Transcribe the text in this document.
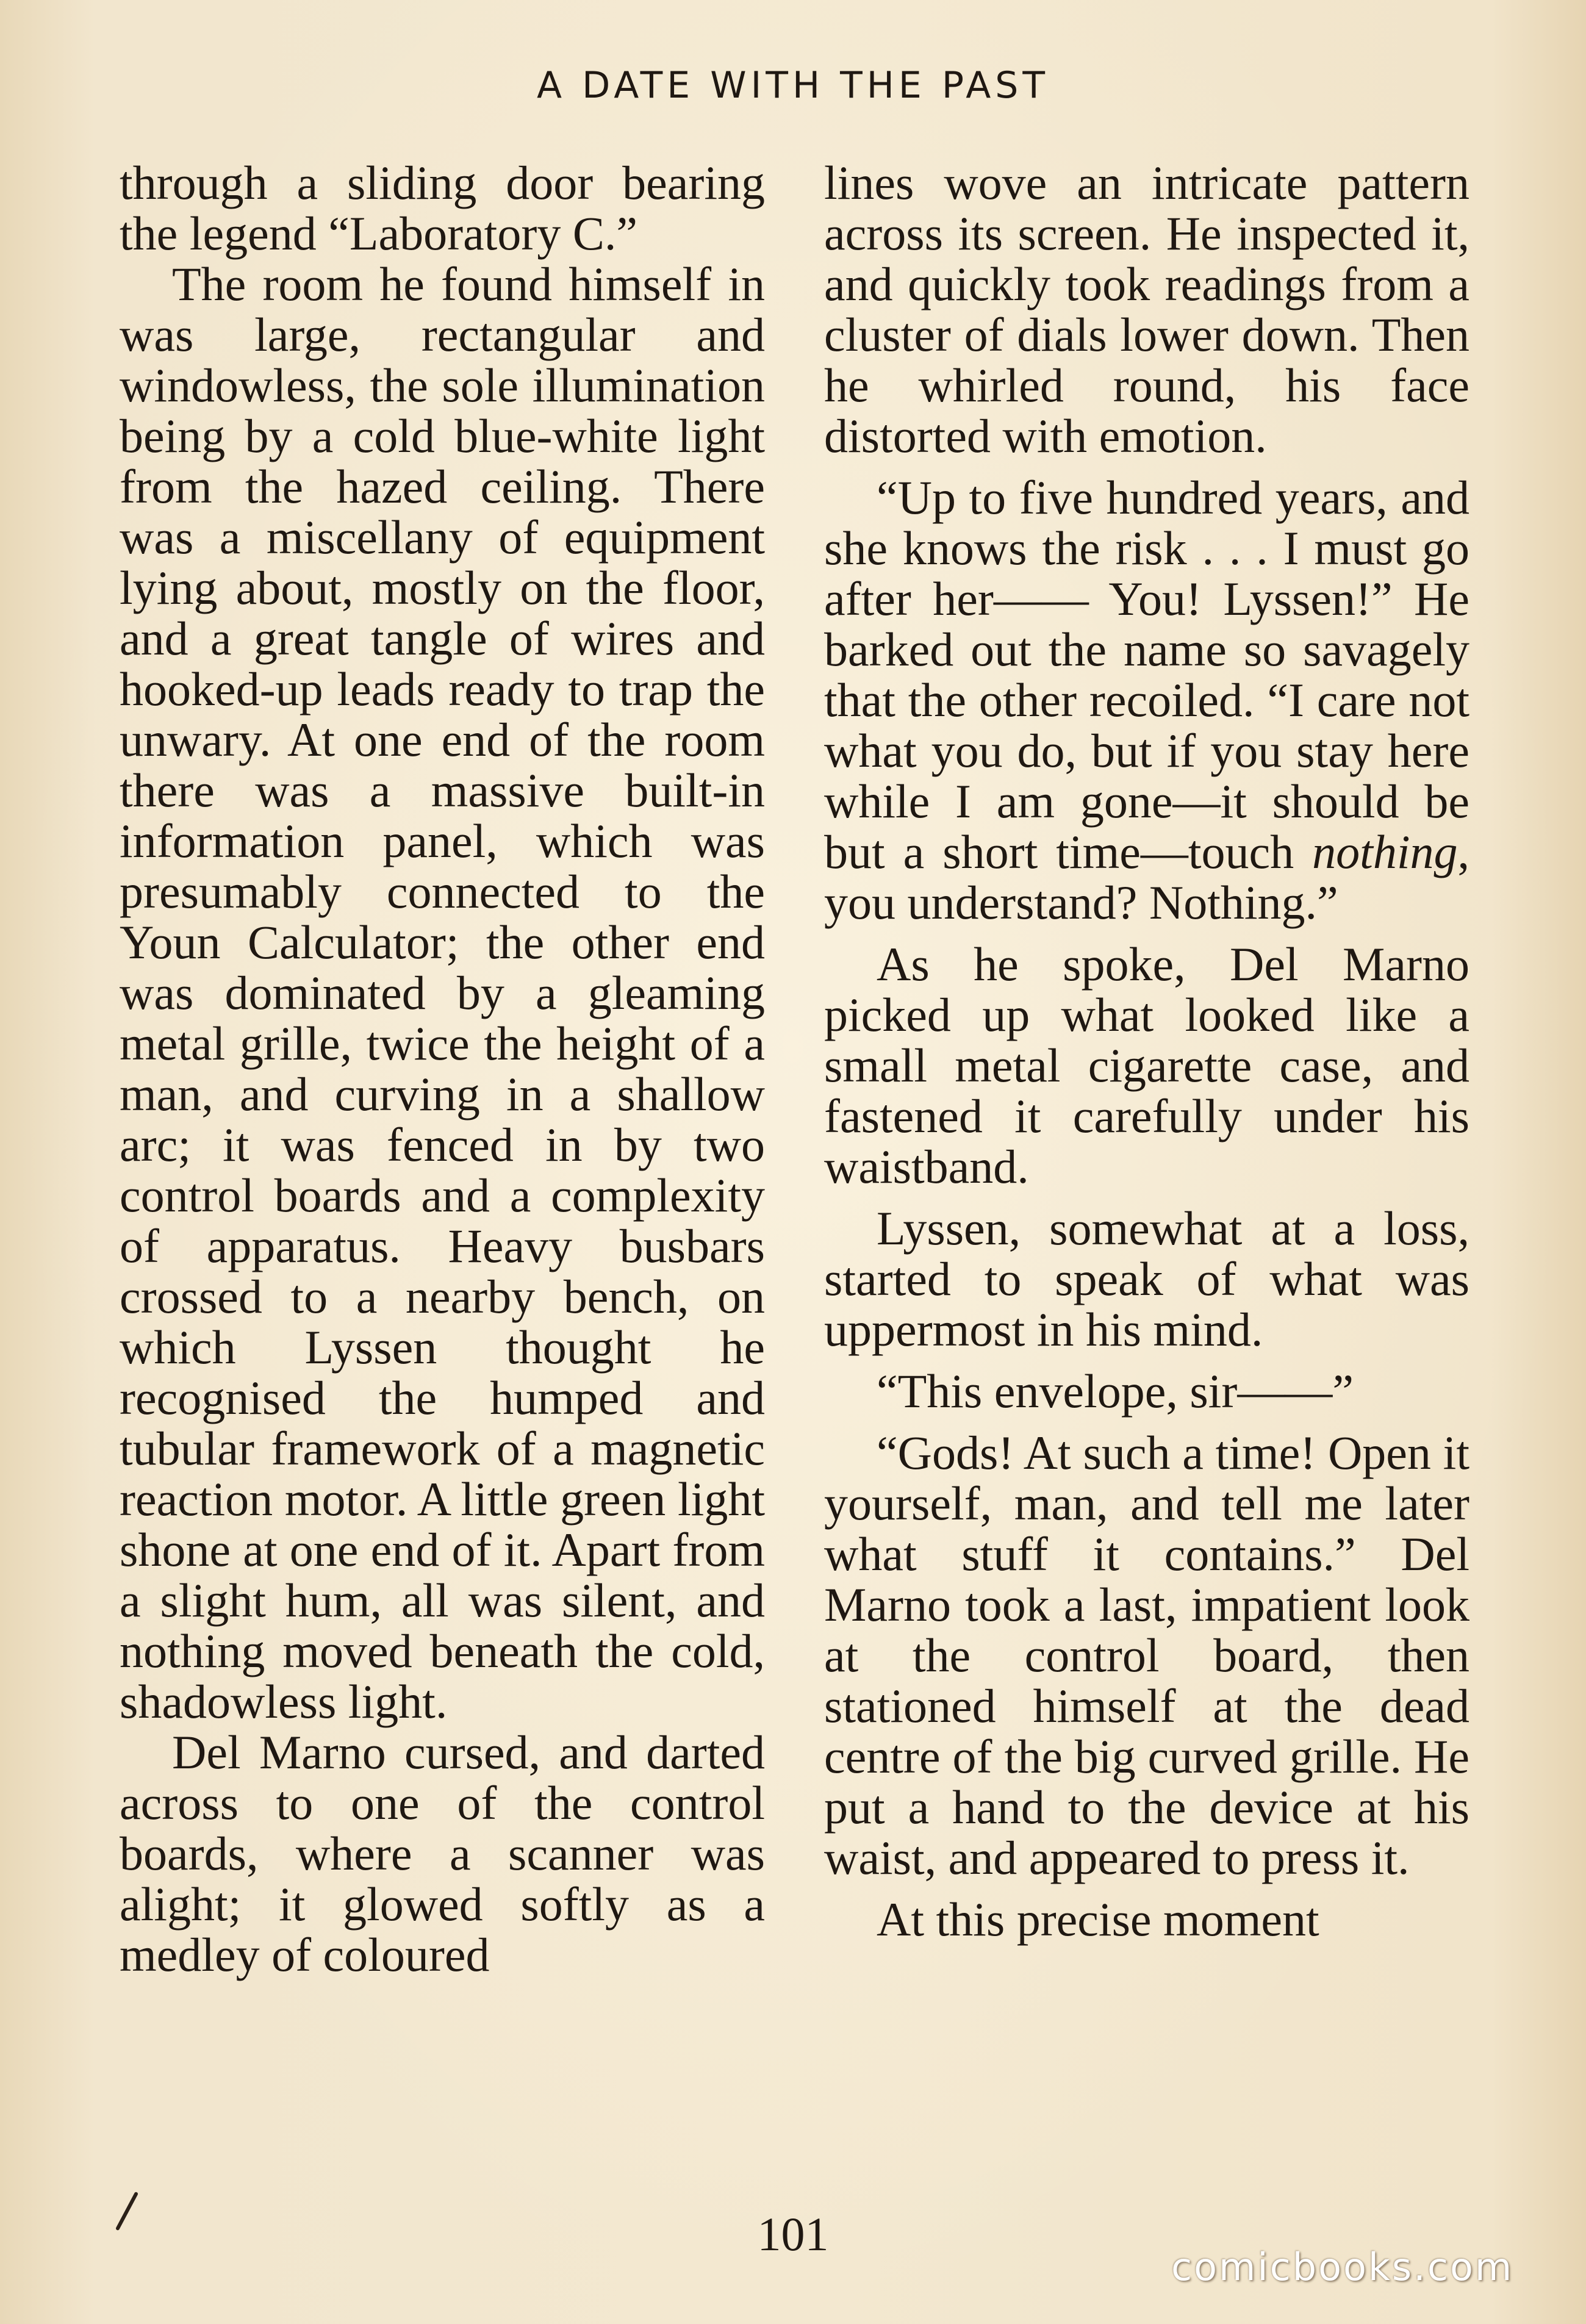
A DATE WITH THE PAST

through a sliding door bearing the legend “Laboratory C.”

The room he found himself in was large, rectangular and windowless, the sole illumination being by a cold blue-white light from the hazed ceiling. There was a miscellany of equipment lying about, mostly on the floor, and a great tangle of wires and hooked-up leads ready to trap the unwary. At one end of the room there was a massive built-in information panel, which was presumably connected to the Youn Calculator; the other end was dominated by a gleaming metal grille, twice the height of a man, and curving in a shallow arc; it was fenced in by two control boards and a complexity of apparatus. Heavy busbars crossed to a nearby bench, on which Lyssen thought he recognised the humped and tubular framework of a magnetic reaction motor. A little green light shone at one end of it. Apart from a slight hum, all was silent, and nothing moved beneath the cold, shadowless light.

Del Marno cursed, and darted across to one of the control boards, where a scanner was alight; it glowed softly as a medley of coloured

lines wove an intricate pattern across its screen. He inspected it, and quickly took readings from a cluster of dials lower down. Then he whirled round, his face distorted with emotion.

“Up to five hundred years, and she knows the risk . . . I must go after her—— You! Lyssen!” He barked out the name so savagely that the other recoiled. “I care not what you do, but if you stay here while I am gone—it should be but a short time—touch nothing, you understand? Nothing.”

As he spoke, Del Marno picked up what looked like a small metal cigarette case, and fastened it carefully under his waistband.

Lyssen, somewhat at a loss, started to speak of what was uppermost in his mind.

“This envelope, sir——”

“Gods! At such a time! Open it yourself, man, and tell me later what stuff it contains.” Del Marno took a last, impatient look at the control board, then stationed himself at the dead centre of the big curved grille. He put a hand to the device at his waist, and appeared to press it.

At this precise moment

101
comicbooks.com
